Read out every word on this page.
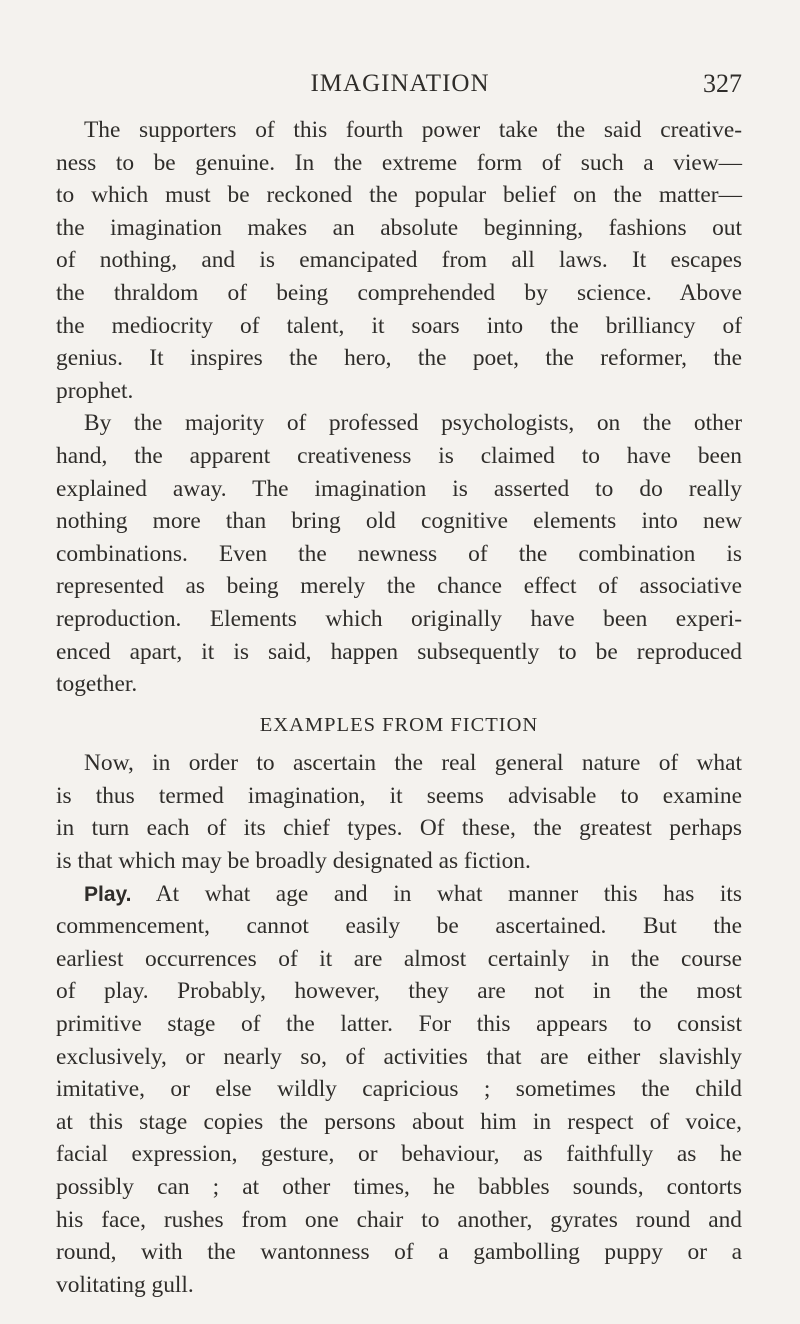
IMAGINATION	327
The supporters of this fourth power take the said creative-
ness to be genuine. In the extreme form of such a view—
to which must be reckoned the popular belief on the matter—
the imagination makes an absolute beginning, fashions out
of nothing, and is emancipated from all laws. It escapes
the thraldom of being comprehended by science. Above
the mediocrity of talent, it soars into the brilliancy of
genius. It inspires the hero, the poet, the reformer, the
prophet.
By the majority of professed psychologists, on the other
hand, the apparent creativeness is claimed to have been
explained away. The imagination is asserted to do really
nothing more than bring old cognitive elements into new
combinations. Even the newness of the combination is
represented as being merely the chance effect of associative
reproduction. Elements which originally have been experi-
enced apart, it is said, happen subsequently to be reproduced
together.
EXAMPLES FROM FICTION
Now, in order to ascertain the real general nature of what
is thus termed imagination, it seems advisable to examine
in turn each of its chief types. Of these, the greatest perhaps
is that which may be broadly designated as fiction.
Play. At what age and in what manner this has its
commencement, cannot easily be ascertained. But the
earliest occurrences of it are almost certainly in the course
of play. Probably, however, they are not in the most
primitive stage of the latter. For this appears to consist
exclusively, or nearly so, of activities that are either slavishly
imitative, or else wildly capricious ; sometimes the child
at this stage copies the persons about him in respect of voice,
facial expression, gesture, or behaviour, as faithfully as he
possibly can ; at other times, he babbles sounds, contorts
his face, rushes from one chair to another, gyrates round and
round, with the wantonness of a gambolling puppy or a
volitating gull.
